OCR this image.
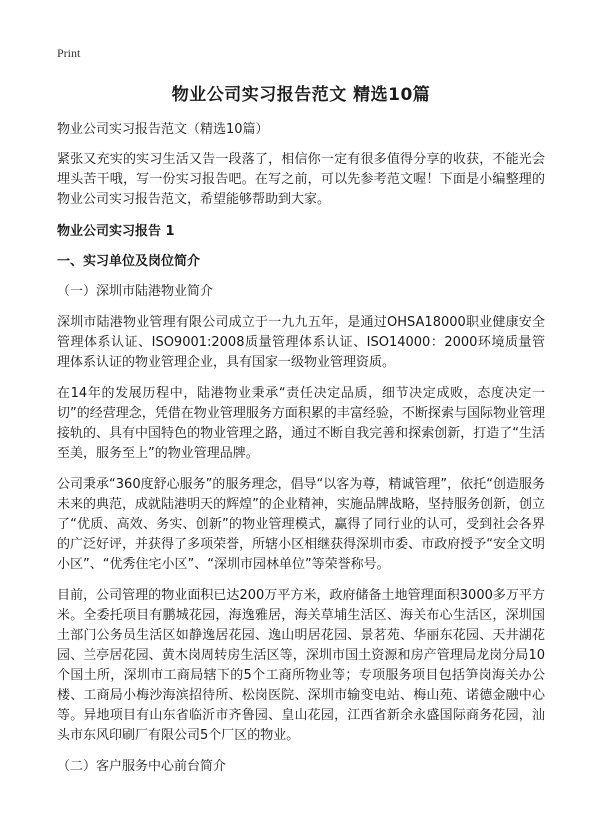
Print
物业公司实习报告范文 精选10篇
物业公司实习报告范文（精选10篇）

紧张又充实的实习生活又告一段落了，相信你一定有很多值得分享的收获，不能光会埋头苦干哦，写一份实习报告吧。在写之前，可以先参考范文喔！下面是小编整理的物业公司实习报告范文，希望能够帮助到大家。

物业公司实习报告 1
一、实习单位及岗位简介
（一）深圳市陆港物业简介

深圳市陆港物业管理有限公司成立于一九九五年，是通过OHSA18000职业健康安全管理体系认证、ISO9001:2008质量管理体系认证、ISO14000：2000环境质量管理体系认证的物业管理企业，具有国家一级物业管理资质。

在14年的发展历程中，陆港物业秉承“责任决定品质，细节决定成败，态度决定一切”的经营理念，凭借在物业管理服务方面积累的丰富经验，不断探索与国际物业管理接轨的、具有中国特色的物业管理之路，通过不断自我完善和探索创新，打造了“生活至美，服务至上”的物业管理品牌。

公司秉承“360度舒心服务”的服务理念，倡导“以客为尊，精诚管理”，依托“创造服务未来的典范，成就陆港明天的辉煌”的企业精神，实施品牌战略，坚持服务创新，创立了“优质、高效、务实、创新”的物业管理模式，赢得了同行业的认可，受到社会各界的广泛好评，并获得了多项荣誉，所辖小区相继获得深圳市委、市政府授予“安全文明小区”、“优秀住宅小区”、“深圳市园林单位”等荣誉称号。

目前，公司管理的物业面积已达200万平方米，政府储备土地管理面积3000多万平方米。全委托项目有鹏城花园，海逸雅居，海关草埔生活区、海关布心生活区，深圳国土部门公务员生活区如静逸居花园、逸山明居花园、景茗苑、华丽东花园、天井湖花园、兰亭居花园、黄木岗周转房生活区等，深圳市国土资源和房产管理局龙岗分局10个国土所，深圳市工商局辖下的5个工商所物业等；专项服务项目包括笋岗海关办公楼、工商局小梅沙海滨招待所、松岗医院、深圳市输变电站、梅山苑、诺德金融中心等。异地项目有山东省临沂市齐鲁园、皇山花园，江西省新余永盛国际商务花园，汕头市东风印刷厂有限公司5个厂区的物业。

（二）客户服务中心前台简介
